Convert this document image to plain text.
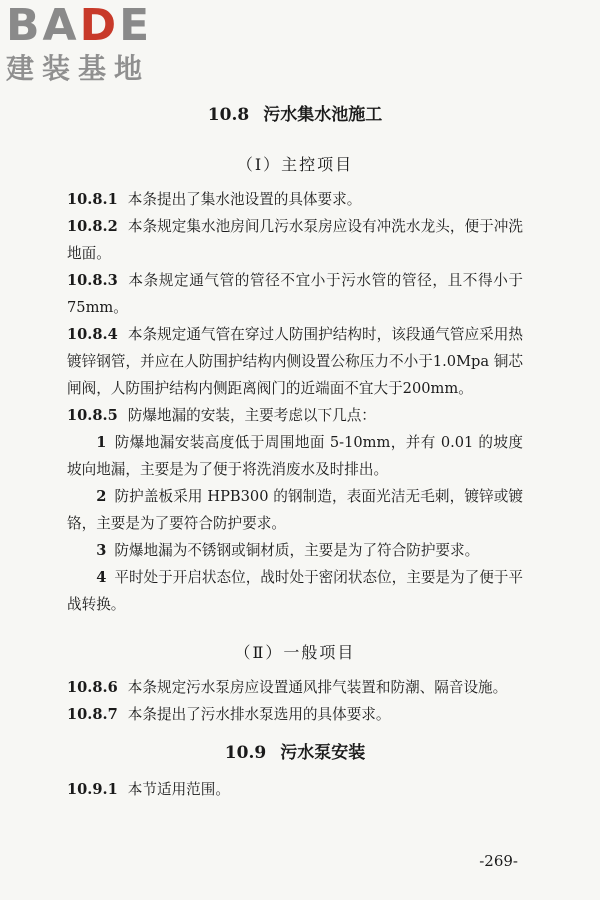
BADE
建装基地
10.8 污水集水池施工
（Ⅰ）主控项目

10.8.1 本条提出了集水池设置的具体要求。

10.8.2 本条规定集水池房间几污水泵房应设有冲洗水龙头，便于冲洗地面。

10.8.3 本条规定通气管的管径不宜小于污水管的管径，且不得小于75mm。

10.8.4 本条规定通气管在穿过人防围护结构时，该段通气管应采用热镀锌钢管，并应在人防围护结构内侧设置公称压力不小于1.0Mpa 铜芯闸阀，人防围护结构内侧距离阀门的近端面不宜大于200mm。

10.8.5 防爆地漏的安装，主要考虑以下几点：

1 防爆地漏安装高度低于周围地面 5-10mm，并有 0.01 的坡度坡向地漏，主要是为了便于将洗消废水及时排出。

2 防护盖板采用 HPB300 的钢制造，表面光洁无毛刺，镀锌或镀铬，主要是为了要符合防护要求。

3 防爆地漏为不锈钢或铜材质，主要是为了符合防护要求。

4 平时处于开启状态位，战时处于密闭状态位，主要是为了便于平战转换。

（Ⅱ）一般项目

10.8.6 本条规定污水泵房应设置通风排气装置和防潮、隔音设施。

10.8.7 本条提出了污水排水泵选用的具体要求。

10.9 污水泵安装

10.9.1 本节适用范围。

-269-
